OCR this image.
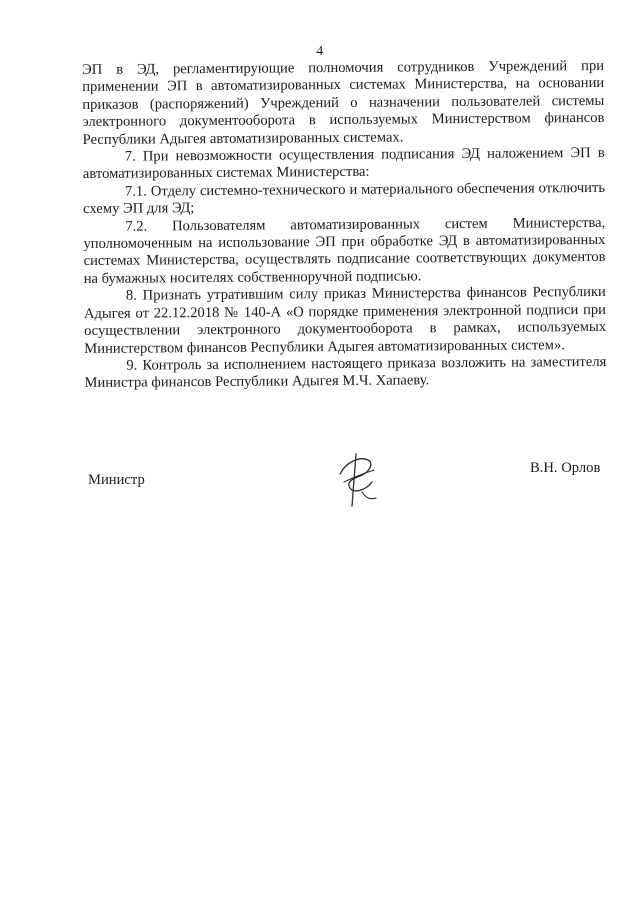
4

ЭП в ЭД, регламентирующие полномочия сотрудников Учреждений при применении ЭП в автоматизированных системах Министерства, на основании приказов (распоряжений) Учреждений о назначении пользователей системы электронного документооборота в используемых Министерством финансов Республики Адыгея автоматизированных системах.

7. При невозможности осуществления подписания ЭД наложением ЭП в автоматизированных системах Министерства:

7.1. Отделу системно-технического и материального обеспечения отключить схему ЭП для ЭД;

7.2. Пользователям автоматизированных систем Министерства, уполномоченным на использование ЭП при обработке ЭД в автоматизированных системах Министерства, осуществлять подписание соответствующих документов на бумажных носителях собственноручной подписью.

8. Признать утратившим силу приказ Министерства финансов Республики Адыгея от 22.12.2018 № 140-А «О порядке применения электронной подписи при осуществлении электронного документооборота в рамках, используемых Министерством финансов Республики Адыгея автоматизированных систем».

9. Контроль за исполнением настоящего приказа возложить на заместителя Министра финансов Республики Адыгея М.Ч. Хапаеву.

Министр
В.Н. Орлов
